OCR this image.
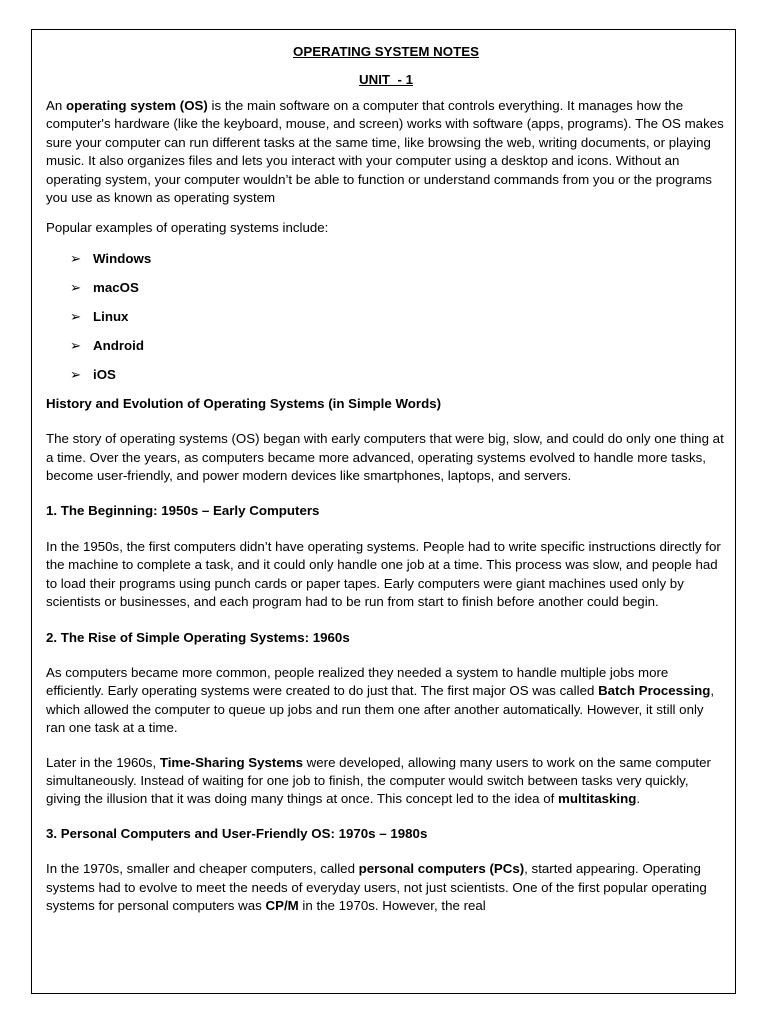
OPERATING SYSTEM NOTES

UNIT  - 1

An operating system (OS) is the main software on a computer that controls everything. It manages how the computer's hardware (like the keyboard, mouse, and screen) works with software (apps, programs). The OS makes sure your computer can run different tasks at the same time, like browsing the web, writing documents, or playing music. It also organizes files and lets you interact with your computer using a desktop and icons. Without an operating system, your computer wouldn’t be able to function or understand commands from you or the programs you use as known as operating system

Popular examples of operating systems include:

➢ Windows
➢ macOS
➢ Linux
➢ Android
➢ iOS

History and Evolution of Operating Systems (in Simple Words)

The story of operating systems (OS) began with early computers that were big, slow, and could do only one thing at a time. Over the years, as computers became more advanced, operating systems evolved to handle more tasks, become user-friendly, and power modern devices like smartphones, laptops, and servers.

1. The Beginning: 1950s – Early Computers

In the 1950s, the first computers didn’t have operating systems. People had to write specific instructions directly for the machine to complete a task, and it could only handle one job at a time. This process was slow, and people had to load their programs using punch cards or paper tapes. Early computers were giant machines used only by scientists or businesses, and each program had to be run from start to finish before another could begin.

2. The Rise of Simple Operating Systems: 1960s

As computers became more common, people realized they needed a system to handle multiple jobs more efficiently. Early operating systems were created to do just that. The first major OS was called Batch Processing, which allowed the computer to queue up jobs and run them one after another automatically. However, it still only ran one task at a time.

Later in the 1960s, Time-Sharing Systems were developed, allowing many users to work on the same computer simultaneously. Instead of waiting for one job to finish, the computer would switch between tasks very quickly, giving the illusion that it was doing many things at once. This concept led to the idea of multitasking.

3. Personal Computers and User-Friendly OS: 1970s – 1980s

In the 1970s, smaller and cheaper computers, called personal computers (PCs), started appearing. Operating systems had to evolve to meet the needs of everyday users, not just scientists. One of the first popular operating systems for personal computers was CP/M in the 1970s. However, the real
